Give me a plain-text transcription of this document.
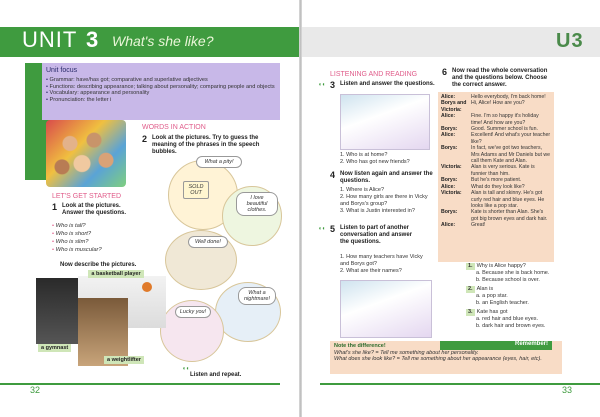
UNIT 3 What's she like?	U3
Unit focus
• Grammar: have/has got; comparative and superlative adjectives
• Functions: describing appearance; talking about personality; comparing people and objects
• Vocabulary: appearance and personality
• Pronunciation: the letter i
WORDS IN ACTION
2 Look at the pictures. Try to guess the meaning of the phrases in the speech bubbles.
What a pity!
SOLD OUT
I love beautiful clothes.
Well done!
What a nightmare!
Lucky you!
◖◖
Listen and repeat.
LET'S GET STARTED
1 Look at the pictures. Answer the questions.
• Who is tall?
• Who is short?
• Who is slim?
• Who is muscular?
Now describe the pictures.
a basketball player
a gymnast
a weightlifter
32
LISTENING AND READING
◖◖ 3 Listen and answer the questions.
1. Who is at home?
2. Who has got new friends?
4 Now listen again and answer the questions.
1. Where is Alice?
2. How many girls are there in Vicky and Borys's group?
3. What is Justin interested in?
◖◖ 5 Listen to part of another conversation and answer the questions.
1. How many teachers have Vicky and Borys got?
2. What are their names?
6 Now read the whole conversation and the questions below. Choose the correct answer.
Alice:	Hello everybody, I'm back home!
Borys and Victoria:
Hi, Alice! How are you?
Alice:	Fine. I'm so happy it's holiday time! And how are you?
Borys:	Good. Summer school is fun.
Alice:	Excellent! And what's your teacher like?
Borys:	In fact, we've got two teachers, Mrs Adams and Mr Daniels but we call them Kate and Alan.
Victoria:	Alan is very serious. Kate is funnier than him.
Borys:	But he's more patient.
Alice:	What do they look like?
Victoria:	Alan is tall and skinny. He's got curly red hair and blue eyes. He looks like a pop star.
Borys:	Kate is shorter than Alan. She's got big brown eyes and dark hair.
Alice:	Great!
1. Why is Alice happy?
a. Because she is back home.
b. Because school is over.
2. Alan is
a. a pop star.
b. an English teacher.
3. Kate has got
a. red hair and blue eyes.
b. dark hair and brown eyes.

Note the difference!

What's she like? = Tell me something about her personality.

What does she look like? = Tell me something about her appearance (eyes, hair, etc).

Remember!
33
